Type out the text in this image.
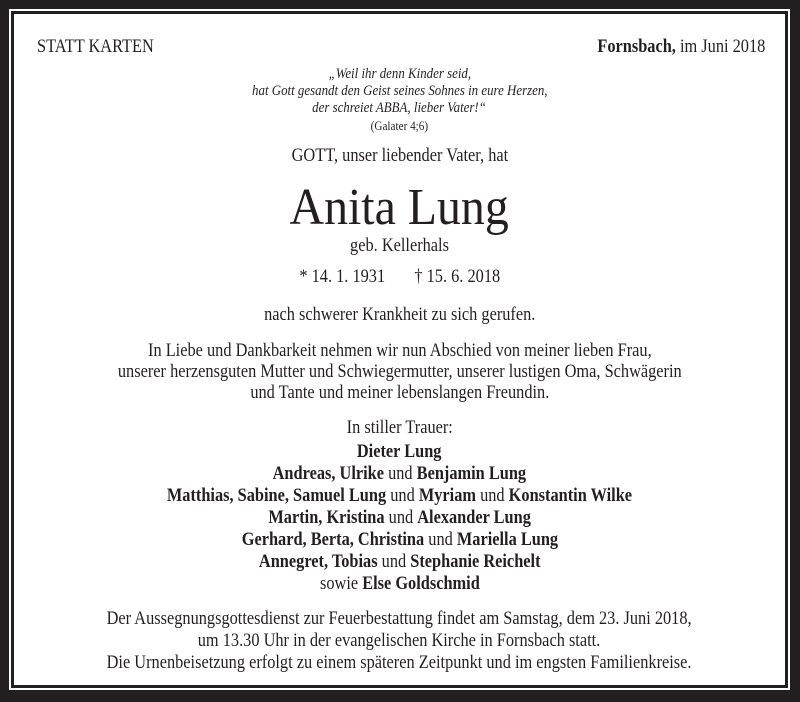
STATT KARTEN	Fornsbach, im Juni 2018
„Weil ihr denn Kinder seid,
hat Gott gesandt den Geist seines Sohnes in eure Herzen,
der schreiet ABBA, lieber Vater!“
(Galater 4;6)
GOTT, unser liebender Vater, hat
Anita Lung
geb. Kellerhals
* 14. 1. 1931 † 15. 6. 2018
nach schwerer Krankheit zu sich gerufen.
In Liebe und Dankbarkeit nehmen wir nun Abschied von meiner lieben Frau,
unserer herzensguten Mutter und Schwiegermutter, unserer lustigen Oma, Schwägerin
und Tante und meiner lebenslangen Freundin.
In stiller Trauer:
Dieter Lung
Andreas, Ulrike und Benjamin Lung
Matthias, Sabine, Samuel Lung und Myriam und Konstantin Wilke
Martin, Kristina und Alexander Lung
Gerhard, Berta, Christina und Mariella Lung
Annegret, Tobias und Stephanie Reichelt
sowie Else Goldschmid
Der Aussegnungsgottesdienst zur Feuerbestattung findet am Samstag, dem 23. Juni 2018,
um 13.30 Uhr in der evangelischen Kirche in Fornsbach statt.
Die Urnenbeisetzung erfolgt zu einem späteren Zeitpunkt und im engsten Familienkreise.
